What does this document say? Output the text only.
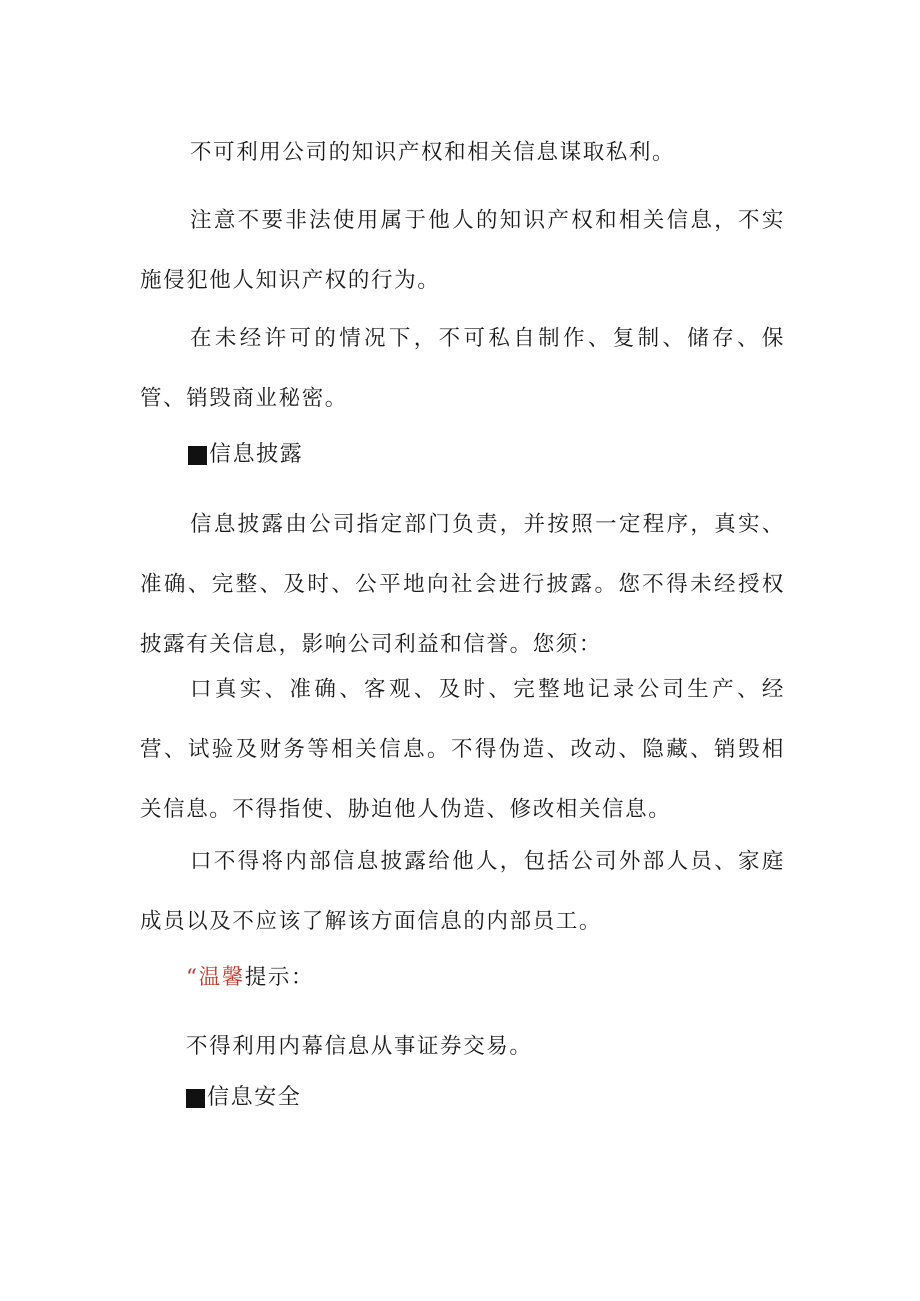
不可利用公司的知识产权和相关信息谋取私利。

注意不要非法使用属于他人的知识产权和相关信息，不实施侵犯他人知识产权的行为。

在未经许可的情况下，不可私自制作、复制、储存、保管、销毁商业秘密。

信息披露

信息披露由公司指定部门负责，并按照一定程序，真实、准确、完整、及时、公平地向社会进行披露。您不得未经授权披露有关信息，影响公司利益和信誉。您须：

口真实、准确、客观、及时、完整地记录公司生产、经营、试验及财务等相关信息。不得伪造、改动、隐藏、销毁相关信息。不得指使、胁迫他人伪造、修改相关信息。

口不得将内部信息披露给他人，包括公司外部人员、家庭成员以及不应该了解该方面信息的内部员工。

“温馨提示：

不得利用内幕信息从事证券交易。

信息安全
